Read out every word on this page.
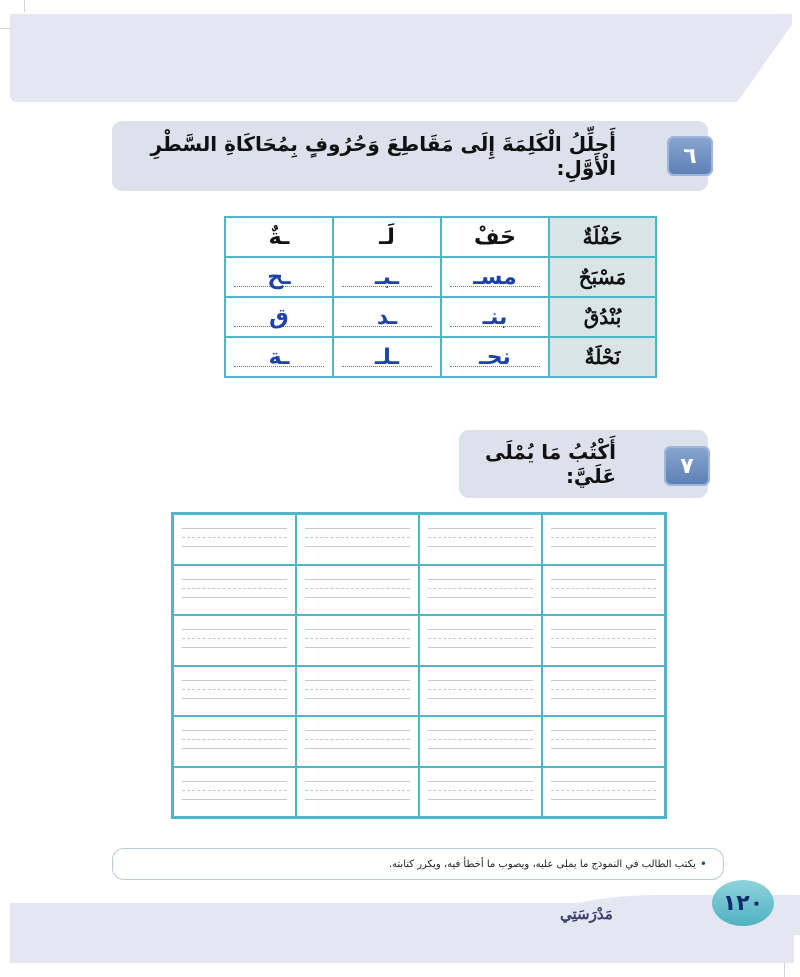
أَحلِّلُ الْكَلِمَةَ إِلَى مَقَاطِعَ وَحُرُوفٍ بِمُحَاكَاةِ السَّطْرِ الْأَوَّلِ:	٦
حَفْلَةٌ	حَفْ	لَـ	ـةٌ
مَسْبَحٌ	مسـ	ـبـ	ـح
بُنْدُقٌ	بنـ	ـد	ق
نَحْلَةٌ	نحـ	ـلـ	ـة
أَكْتُبُ مَا يُمْلَى عَلَيَّ:	٧
•
يكتب الطالب في النموذج ما يملى عليه، ويصوب ما أخطأ فيه، ويكرر كتابته.
١٢٠
مَدْرَسَتِي
